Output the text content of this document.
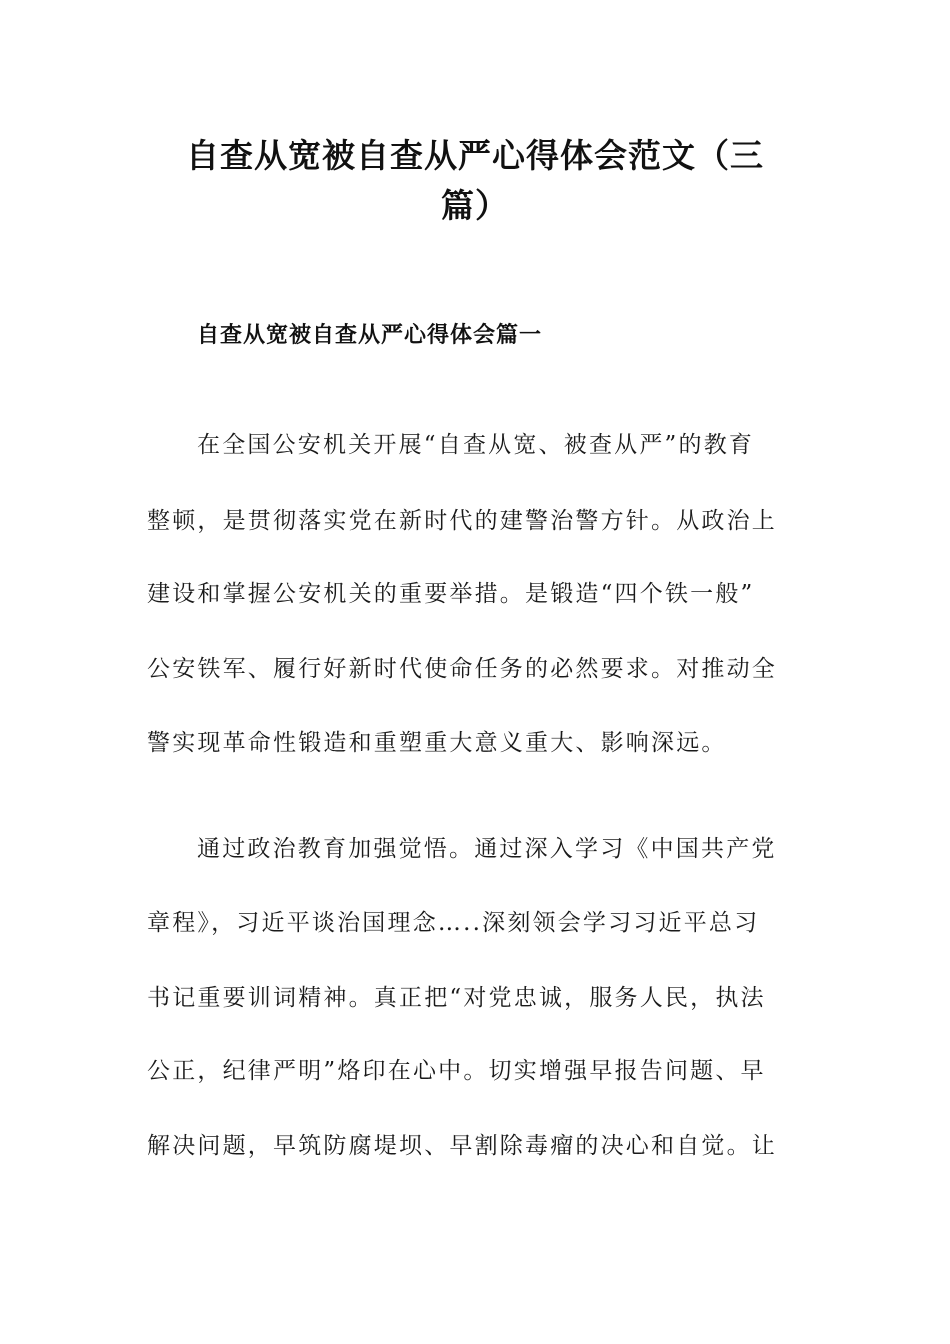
自查从宽被自查从严心得体会范文（三
篇）
自查从宽被自查从严心得体会篇一
在全国公安机关开展“自查从宽、被查从严”的教育
整顿，是贯彻落实党在新时代的建警治警方针。从政治上
建设和掌握公安机关的重要举措。是锻造“四个铁一般”
公安铁军、履行好新时代使命任务的必然要求。对推动全
警实现革命性锻造和重塑重大意义重大、影响深远。
通过政治教育加强觉悟。通过深入学习《中国共产党
章程》，习近平谈治国理念…..深刻领会学习习近平总习
书记重要训词精神。真正把“对党忠诚，服务人民，执法
公正，纪律严明”烙印在心中。切实增强早报告问题、早
解决问题，早筑防腐堤坝、早割除毒瘤的决心和自觉。让
